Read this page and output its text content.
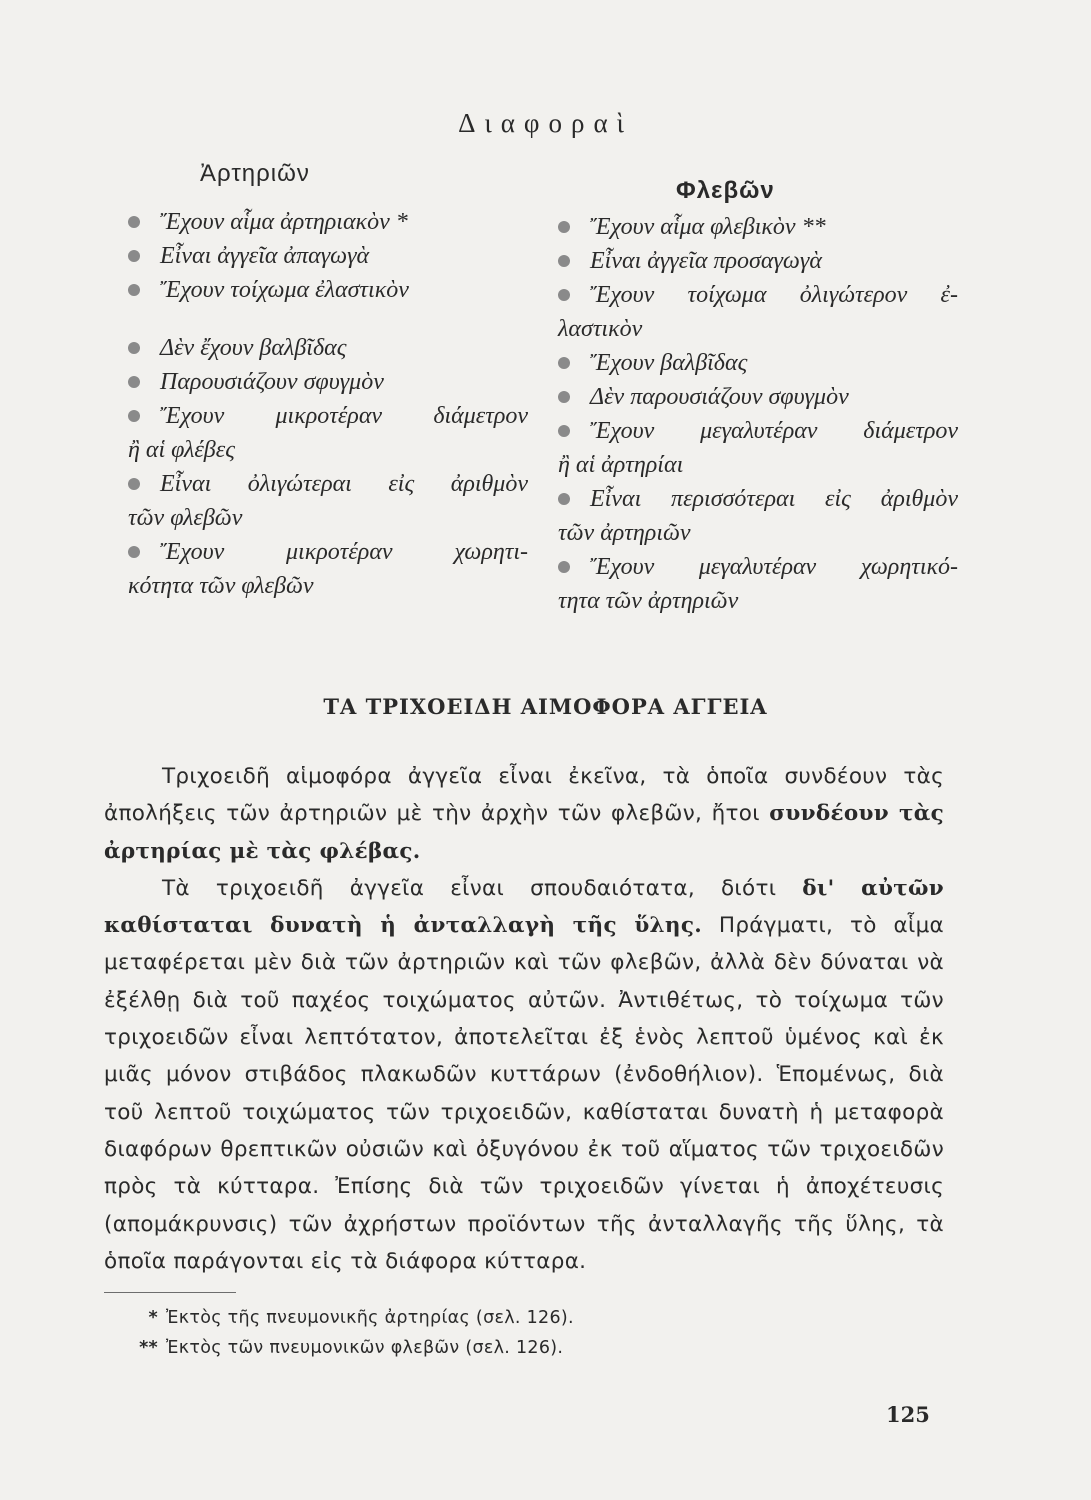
Διαφοραὶ
Ἀρτηριῶν
Φλεβῶν
Ἔχουν αἷμα ἀρτηριακὸν *
Εἶναι ἀγγεῖα ἀπαγωγὰ
Ἔχουν τοίχωμα ἐλαστικὸν
Δὲν ἔχουν βαλβῖδας
Παρουσιάζουν σφυγμὸν
Ἔχουν μικροτέραν διάμετρον
ἢ αἱ φλέβες
Εἶναι ὀλιγώτεραι εἰς ἀριθμὸν
τῶν φλεβῶν
Ἔχουν μικροτέραν χωρητι-
κότητα τῶν φλεβῶν
Ἔχουν αἷμα φλεβικὸν **
Εἶναι ἀγγεῖα προσαγωγὰ
Ἔχουν τοίχωμα ὀλιγώτερον ἐ-
λαστικὸν
Ἔχουν βαλβῖδας
Δὲν παρουσιάζουν σφυγμὸν
Ἔχουν μεγαλυτέραν διάμετρον
ἢ αἱ ἀρτηρίαι
Εἶναι περισσότεραι εἰς ἀριθμὸν
τῶν ἀρτηριῶν
Ἔχουν μεγαλυτέραν χωρητικό-
τητα τῶν ἀρτηριῶν
ΤΑ ΤΡΙΧΟΕΙΔΗ ΑΙΜΟΦΟΡΑ ΑΓΓΕΙΑ

Τριχοειδῆ αἱμοφόρα ἀγγεῖα εἶναι ἐκεῖνα, τὰ ὁποῖα συνδέουν τὰς ἀπολήξεις τῶν ἀρτηριῶν μὲ τὴν ἀρχὴν τῶν φλεβῶν, ἤτοι συνδέουν τὰς ἀρτηρίας μὲ τὰς φλέβας.

Τὰ τριχοειδῆ ἀγγεῖα εἶναι σπουδαιότατα, διότι δι' αὐτῶν καθίσταται δυνατὴ ἡ ἀνταλλαγὴ τῆς ὕλης. Πράγματι, τὸ αἷμα μεταφέρεται μὲν διὰ τῶν ἀρτηριῶν καὶ τῶν φλεβῶν, ἀλλὰ δὲν δύναται νὰ ἐξέλθῃ διὰ τοῦ παχέος τοιχώματος αὐτῶν. Ἀντιθέτως, τὸ τοίχωμα τῶν τριχοειδῶν εἶναι λεπτότατον, ἀποτελεῖται ἐξ ἑνὸς λεπτοῦ ὑμένος καὶ ἐκ μιᾶς μόνον στιβάδος πλακωδῶν κυττάρων (ἐνδοθήλιον). Ἑπομένως, διὰ τοῦ λεπτοῦ τοιχώματος τῶν τριχοειδῶν, καθίσταται δυνατὴ ἡ μεταφορὰ διαφόρων θρεπτικῶν οὐσιῶν καὶ ὀξυγόνου ἐκ τοῦ αἵματος τῶν τριχοειδῶν πρὸς τὰ κύτταρα. Ἐπίσης διὰ τῶν τριχοειδῶν γίνεται ἡ ἀποχέτευσις (απομάκρυνσις) τῶν ἀχρήστων προϊόντων τῆς ἀνταλλαγῆς τῆς ὕλης, τὰ ὁποῖα παράγονται εἰς τὰ διάφορα κύτταρα.

* Ἐκτὸς τῆς πνευμονικῆς ἀρτηρίας (σελ. 126).
** Ἐκτὸς τῶν πνευμονικῶν φλεβῶν (σελ. 126).
125
